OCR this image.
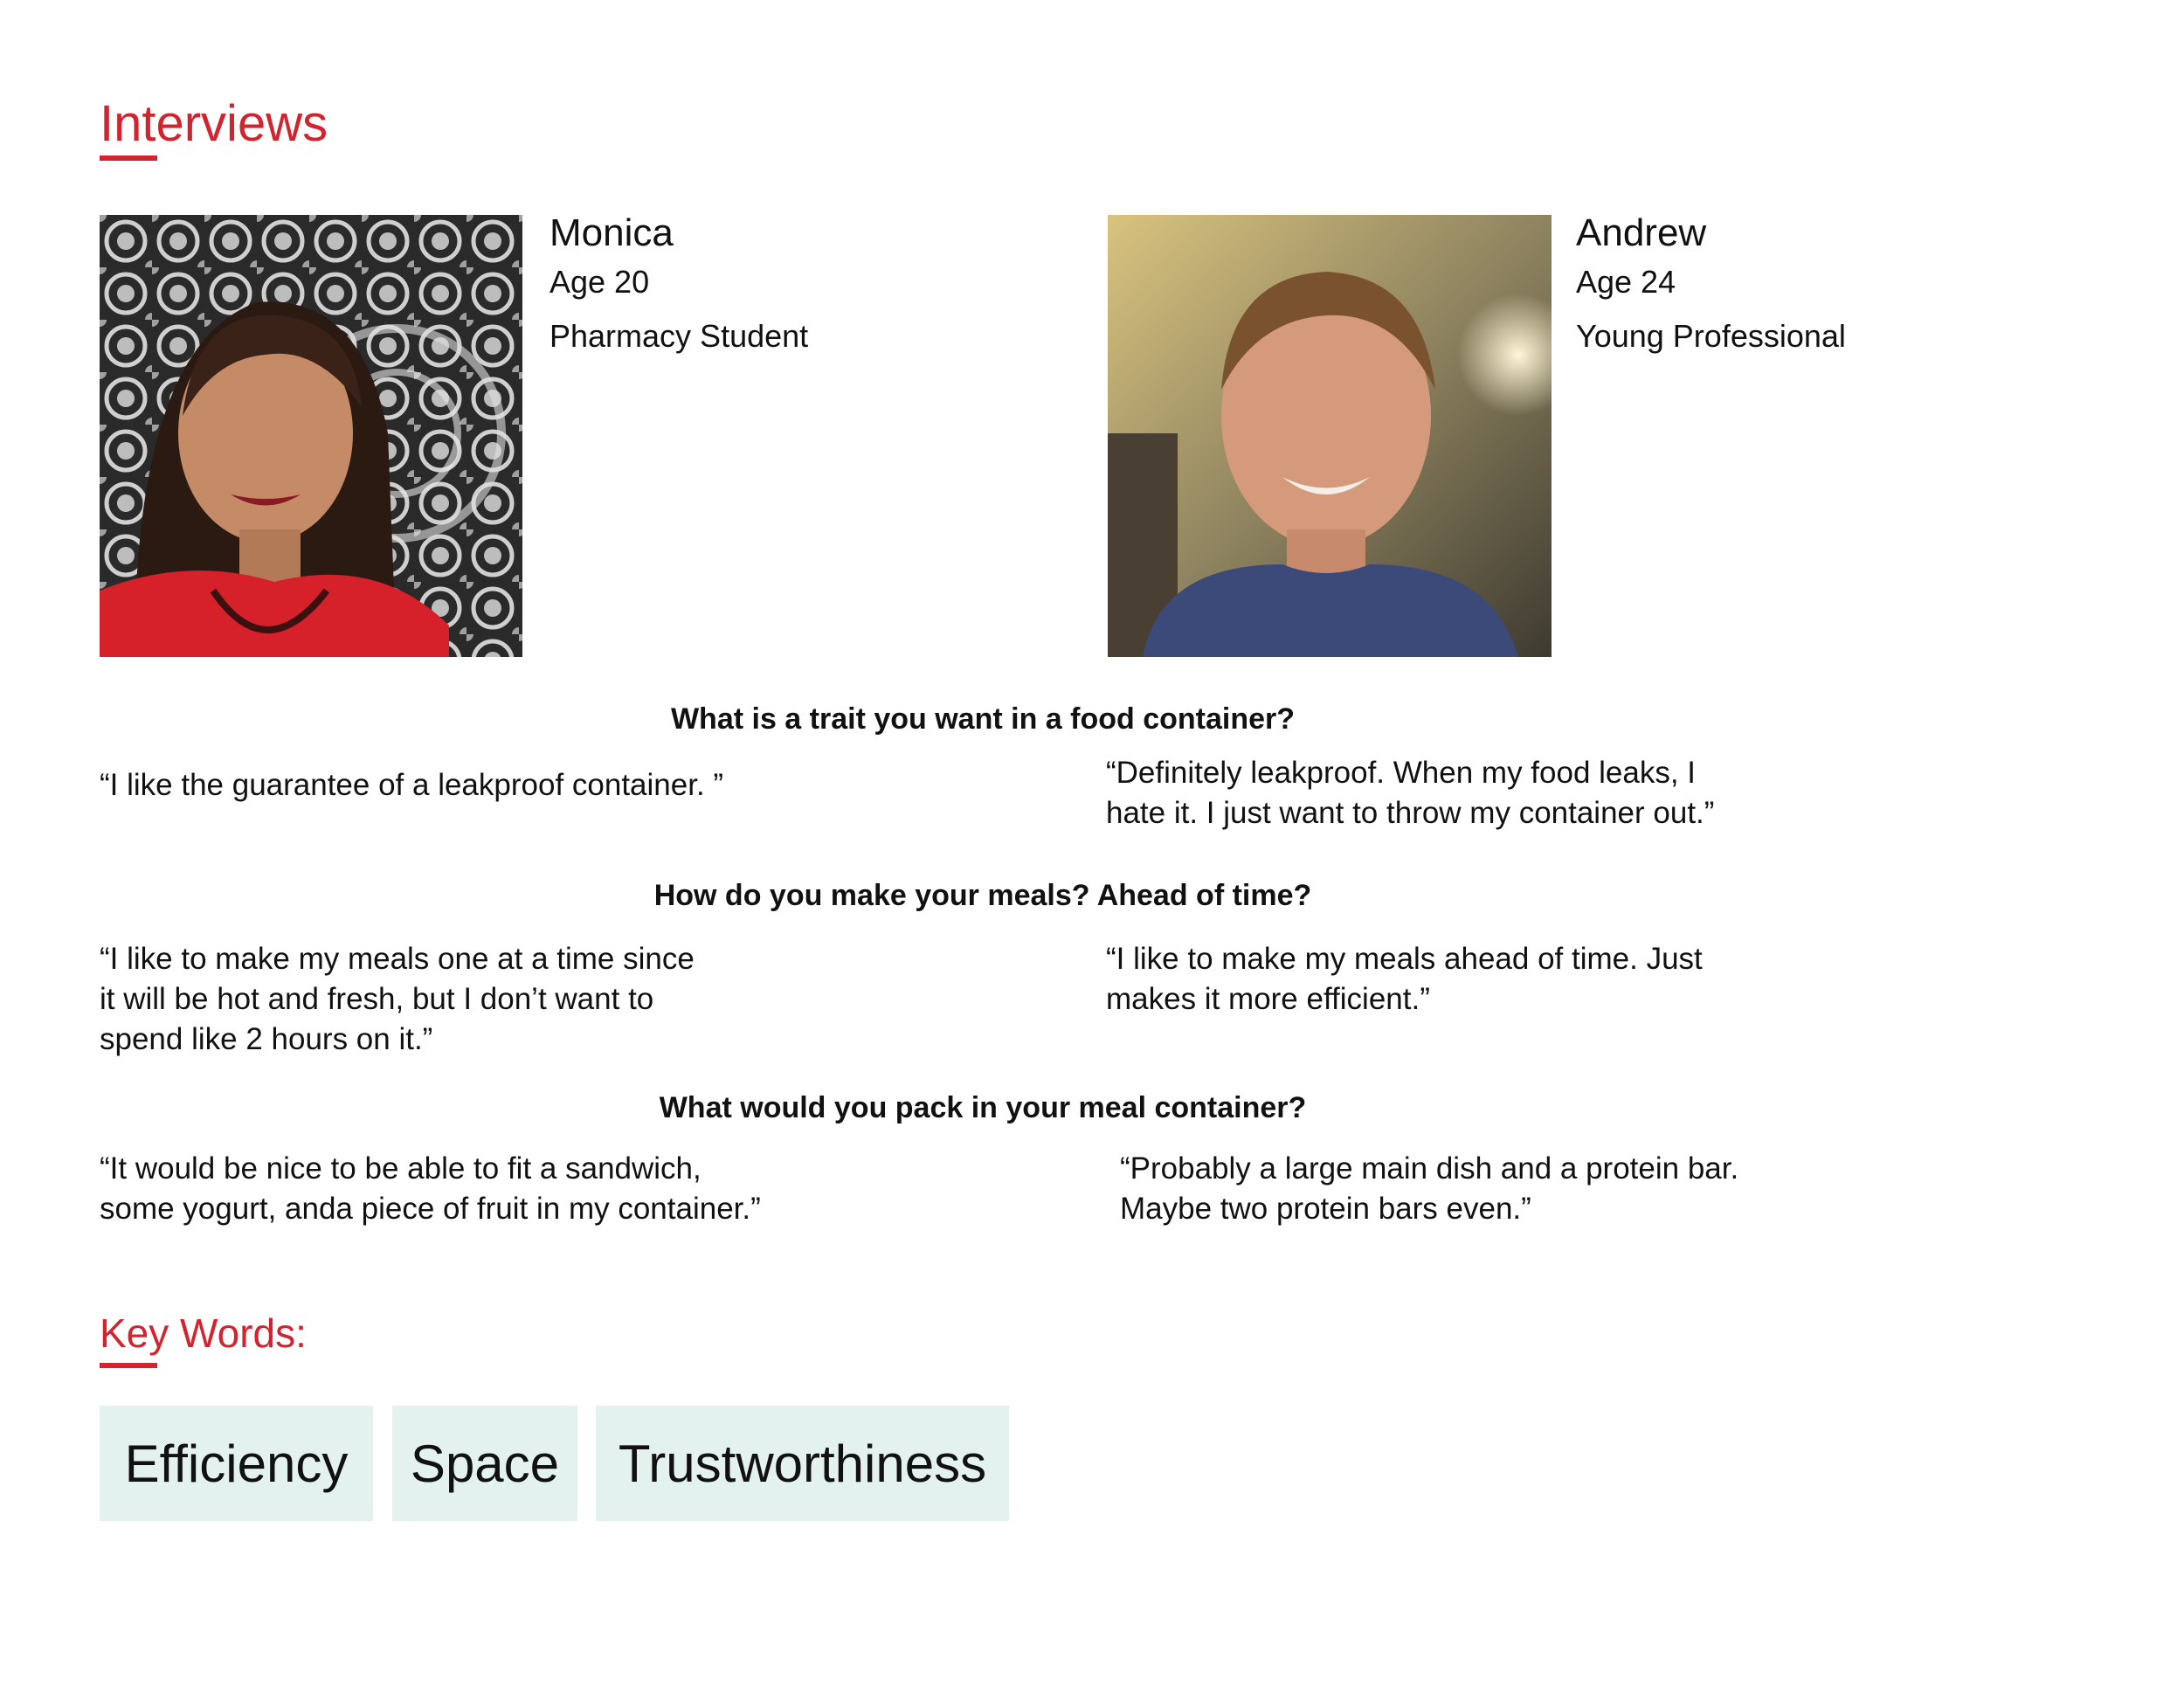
Interviews
Monica
Age 20
Pharmacy Student
Andrew
Age 24
Young Professional
What is a trait you want in a food container?
“I like the guarantee of a leakproof container. ”	“Definitely leakproof. When my food leaks, I
hate it. I just want to throw my container out.”
How do you make your meals? Ahead of time?
“I like to make my meals one at a time since
it will be hot and fresh, but I don’t want to
spend like 2 hours on it.”
“I like to make my meals ahead of time. Just
makes it more efficient.”
What would you pack in your meal container?
“It would be nice to be able to fit a sandwich,
some yogurt, anda piece of fruit in my container.”
“Probably a large main dish and a protein bar.
Maybe two protein bars even.”
Key Words:
Efficiency	Space	Trustworthiness
